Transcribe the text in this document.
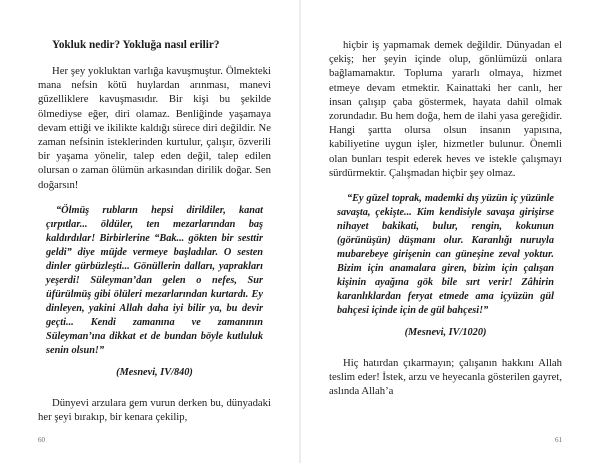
Yokluk nedir? Yokluğa nasıl erilir?

Her şey yokluktan varlığa kavuşmuştur. Ölmekteki mana nefsin kötü huylardan arınması, manevi güzelliklere kavuşmasıdır. Bir kişi bu şekilde ölmediyse eğer, diri olamaz. Benliğinde yaşamaya devam ettiği ve ikilikte kaldığı sürece diri değildir. Ne zaman nefsinin isteklerinden kurtulur, çalışır, özverili bir yaşama yönelir, talep eden değil, talep edilen olursan o zaman ölümün arkasından dirilik doğar. Sen doğarsın!

“Ölmüş rubların hepsi dirildiler, kanat çırpıtlar... öldüler, ten mezarlarından baş kaldırdılar! Birbirlerine “Bak... gökten bir sesttir geldi” diye müjde vermeye başladılar. O sesten dinler gürbüzleşti... Gönüllerin dalları, yaprakları yeşerdi! Süleyman’dan gelen o nefes, Sur üfürülmüş gibi ölüleri mezarlarından kurtardı. Ey dinleyen, yakini Allah daha iyi bilir ya, bu devir geçti... Kendi zamanına ve zamanının Süleyman’ına dikkat et de bundan böyle kutluluk senin olsun!”

(Mesnevi, IV/840)

Dünyevi arzulara gem vurun derken bu, dünyadaki her şeyi bırakıp, bir kenara çekilip,

60

hiçbir iş yapmamak demek değildir. Dünyadan el çekiş; her şeyin içinde olup, gönlümüzü onlara bağlamamaktır. Topluma yararlı olmaya, hizmet etmeye devam etmektir. Kainattaki her canlı, her insan çalışıp çaba göstermek, hayata dahil olmak zorundadır. Bu hem doğa, hem de ilahi yasa gereğidir. Hangi şartta olursa olsun insanın yapısına, kabiliyetine uygun işler, hizmetler bulunur. Önemli olan bunları tespit ederek heves ve istekle çalışmayı sürdürmektir. Çalışmadan hiçbir şey olmaz.

“Ey güzel toprak, mademki dış yüzün iç yüzünle savaşta, çekişte... Kim kendisiyle savaşa girişirse nihayet bakikati, bulur, rengin, kokunun (görünüşün) düşmanı olur. Karanlığı nuruyla mubarebeye girişenin can güneşine zeval yoktur. Bizim için anamalara giren, bizim için çalışan kişinin ayağına gök bile sırt verir! Zâhirin karanlıklardan feryat etmede ama içyüzün gül bahçesi içinde için de gül bahçesi!”

(Mesnevi, IV/1020)

Hiç hatırdan çıkarmayın; çalışanın hakkını Allah teslim eder! İstek, arzu ve heyecanla gösterilen gayret, aslında Allah’a

61
